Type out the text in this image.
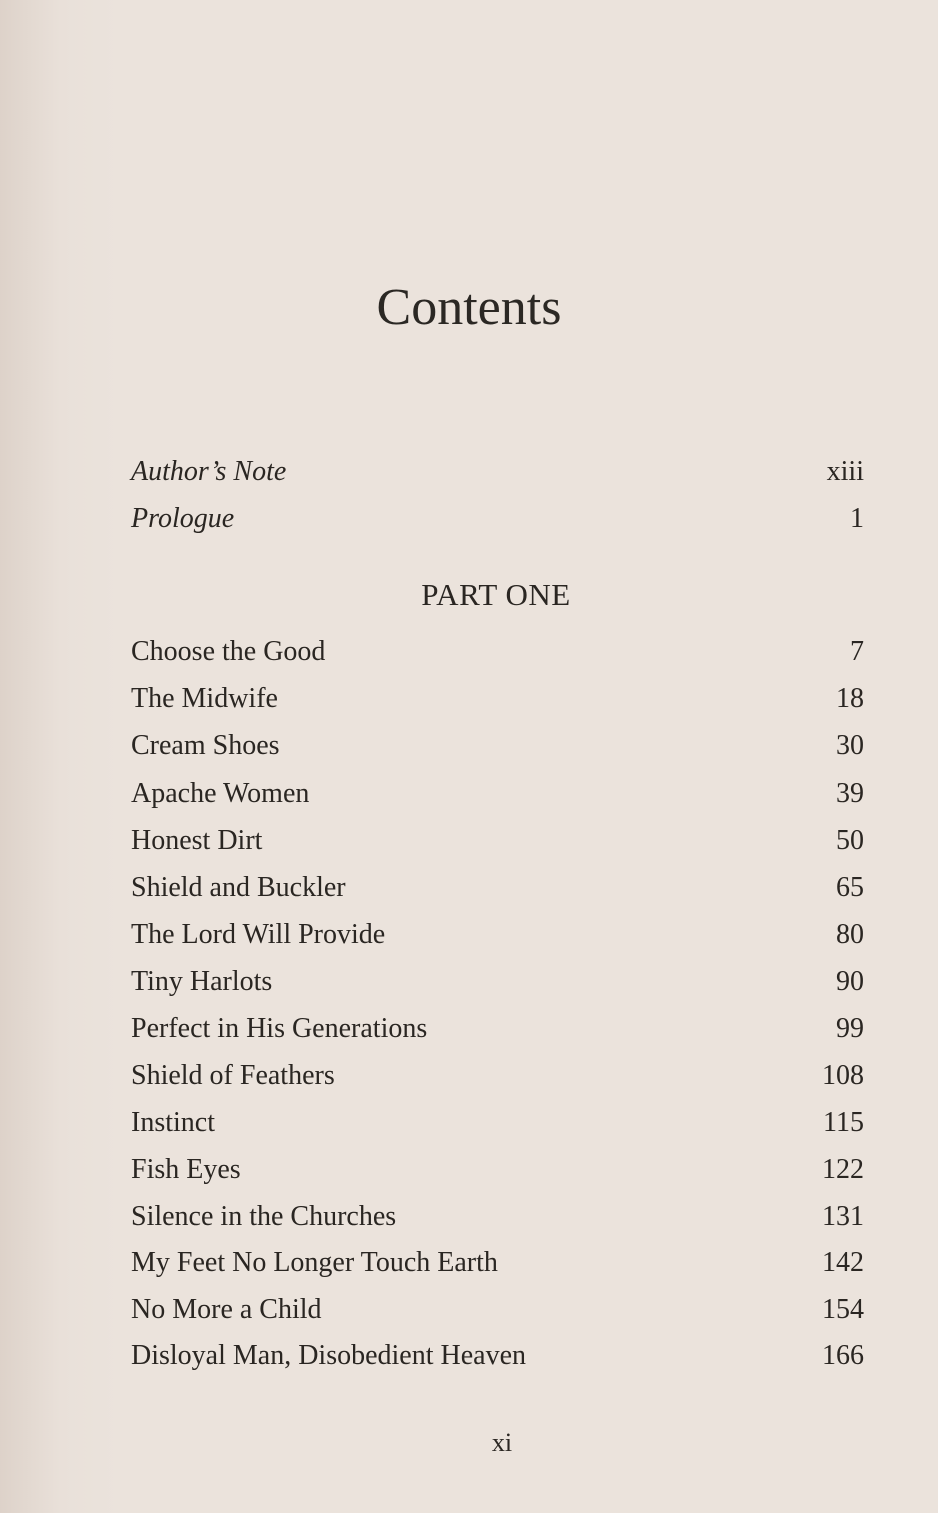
Contents
Author’s Note	xiii
Prologue	1
PART ONE
Choose the Good	7
The Midwife	18
Cream Shoes	30
Apache Women	39
Honest Dirt	50
Shield and Buckler	65
The Lord Will Provide	80
Tiny Harlots	90
Perfect in His Generations	99
Shield of Feathers	108
Instinct	115
Fish Eyes	122
Silence in the Churches	131
My Feet No Longer Touch Earth	142
No More a Child	154
Disloyal Man, Disobedient Heaven	166
xi
